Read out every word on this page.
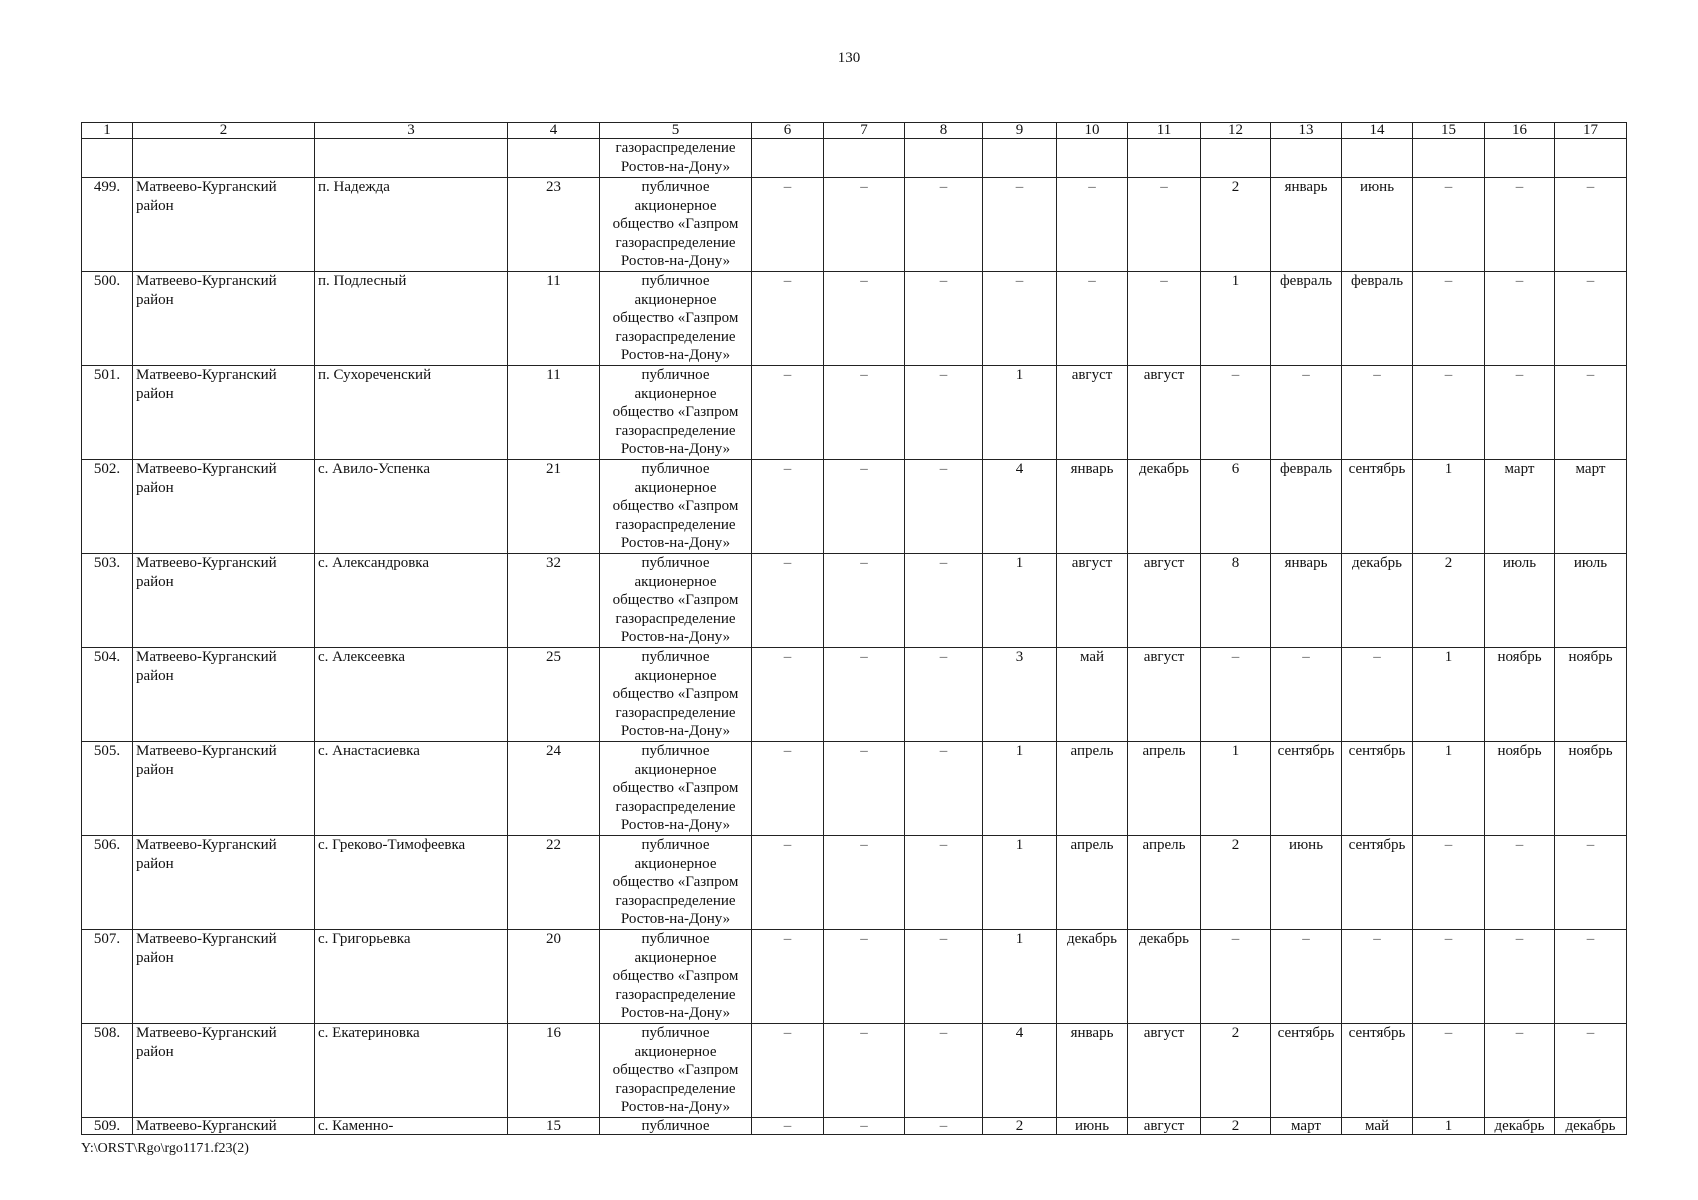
130
1	2	3	4	5	6	7	8	9	10	11	12	13	14	15	16	17
				газораспределение Ростов-на-Дону»												
499.	Матвеево-Курганский район	п. Надежда	23	публичное акционерное общество «Газпром газораспределение Ростов-на-Дону»	–	–	–	–	–	–	2	январь	июнь	–	–	–
500.	Матвеево-Курганский район	п. Подлесный	11	публичное акционерное общество «Газпром газораспределение Ростов-на-Дону»	–	–	–	–	–	–	1	февраль	февраль	–	–	–
501.	Матвеево-Курганский район	п. Сухореченский	11	публичное акционерное общество «Газпром газораспределение Ростов-на-Дону»	–	–	–	1	август	август	–	–	–	–	–	–
502.	Матвеево-Курганский район	с. Авило-Успенка	21	публичное акционерное общество «Газпром газораспределение Ростов-на-Дону»	–	–	–	4	январь	декабрь	6	февраль	сентябрь	1	март	март
503.	Матвеево-Курганский район	с. Александровка	32	публичное акционерное общество «Газпром газораспределение Ростов-на-Дону»	–	–	–	1	август	август	8	январь	декабрь	2	июль	июль
504.	Матвеево-Курганский район	с. Алексеевка	25	публичное акционерное общество «Газпром газораспределение Ростов-на-Дону»	–	–	–	3	май	август	–	–	–	1	ноябрь	ноябрь
505.	Матвеево-Курганский район	с. Анастасиевка	24	публичное акционерное общество «Газпром газораспределение Ростов-на-Дону»	–	–	–	1	апрель	апрель	1	сентябрь	сентябрь	1	ноябрь	ноябрь
506.	Матвеево-Курганский район	с. Греково-Тимофеевка	22	публичное акционерное общество «Газпром газораспределение Ростов-на-Дону»	–	–	–	1	апрель	апрель	2	июнь	сентябрь	–	–	–
507.	Матвеево-Курганский район	с. Григорьевка	20	публичное акционерное общество «Газпром газораспределение Ростов-на-Дону»	–	–	–	1	декабрь	декабрь	–	–	–	–	–	–
508.	Матвеево-Курганский район	с. Екатериновка	16	публичное акционерное общество «Газпром газораспределение Ростов-на-Дону»	–	–	–	4	январь	август	2	сентябрь	сентябрь	–	–	–
509.	Матвеево-Курганский	с. Каменно-	15	публичное	–	–	–	2	июнь	август	2	март	май	1	декабрь	декабрь
Y:\ORST\Rgo\rgo1171.f23(2)
